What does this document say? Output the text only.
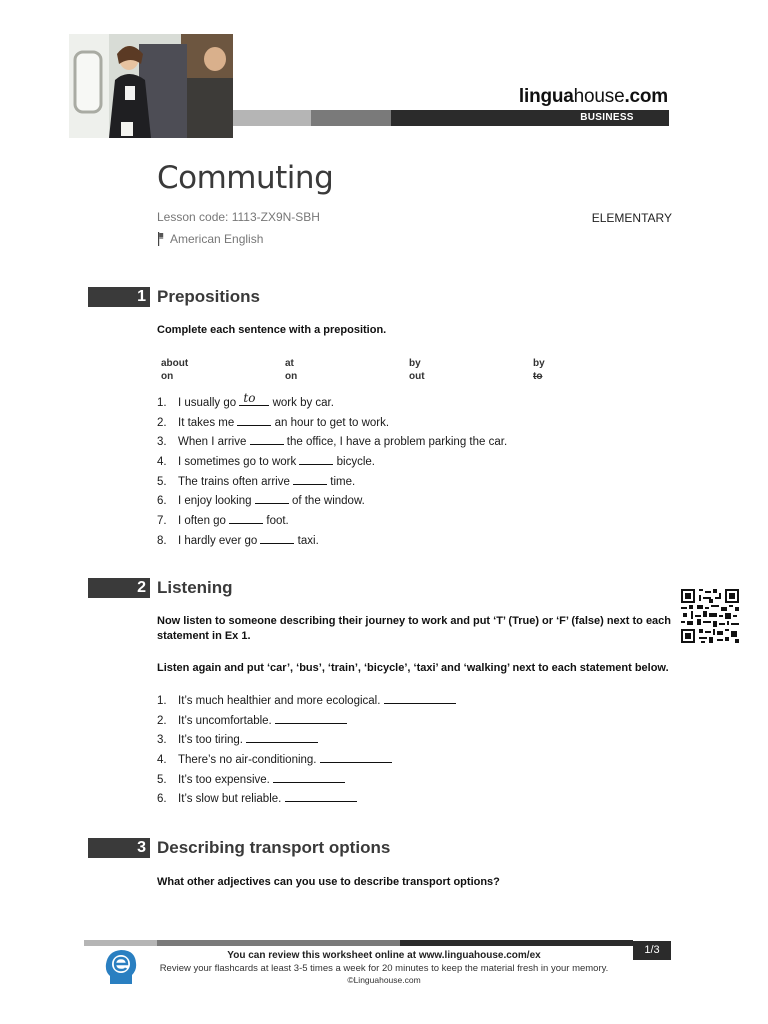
linguahouse.com
BUSINESS VOCABULARY
Commuting
Lesson code: 1113-ZX9N-SBH
American English
ELEMENTARY
1 Prepositions
Complete each sentence with a preposition.
about	at	by	by
on	on	out	to
1. I usually go to work by car.
2. It takes me	an hour to get to work.
3. When I arrive	the office, I have a problem parking the car.
4. I sometimes go to work	bicycle.
5. The trains often arrive	time.
6. I enjoy looking	of the window.
7. I often go	foot.
8. I hardly ever go	taxi.
2 Listening
Now listen to someone describing their journey to work and put ‘T’ (True) or ‘F’ (false) next to each statement in Ex 1.
Listen again and put ‘car’, ‘bus’, ‘train’, ‘bicycle’, ‘taxi’ and ‘walking’ next to each statement below.
1. It’s much healthier and more ecological.
2. It’s uncomfortable.
3. It’s too tiring.
4. There’s no air-conditioning.
5. It’s too expensive.
6. It’s slow but reliable.
3 Describing transport options
What other adjectives can you use to describe transport options?
1/3
You can review this worksheet online at www.linguahouse.com/ex
Review your flashcards at least 3-5 times a week for 20 minutes to keep the material fresh in your memory.
©Linguahouse.com
